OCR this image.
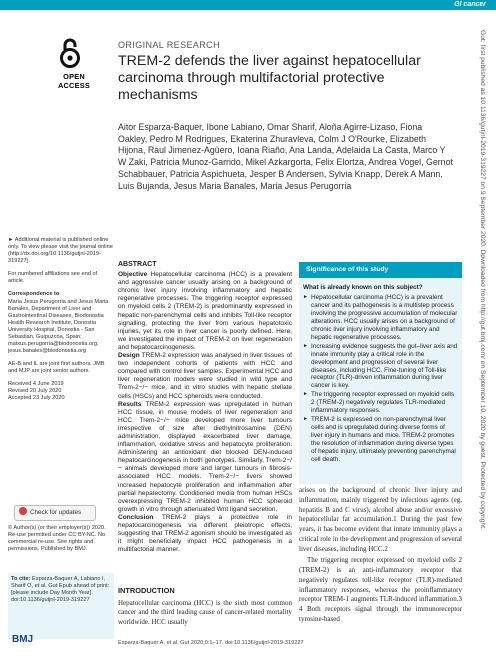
GI cancer
OPEN ACCESS
ORIGINAL RESEARCH
TREM-2 defends the liver against hepatocellular carcinoma through multifactorial protective mechanisms
Aitor Esparza-Baquer, Ibone Labiano, Omar Sharif, Aloña Agirre-Lizaso, Fiona Oakley, Pedro M Rodrigues, Ekaterina Zhuravleva, Colm J O'Rourke, Elizabeth Hijona, Raul Jimenez-Agüero, Ioana Riaño, Ana Landa, Adelaida La Casta, Marco Y W Zaki, Patricia Munoz-Garrido, Mikel Azkargorta, Felix Elortza, Andrea Vogel, Gernot Schabbauer, Patricia Aspichueta, Jesper B Andersen, Sylvia Knapp, Derek A Mann, Luis Bujanda, Jesus Maria Banales, Maria Jesus Perugorria	Gut: first published as 10.1136/gutjnl-2019-319227 on 9 September 2020. Downloaded from http://gut.bmj.com/ on September 10, 2020 by guest. Protected by copyright.

► Additional material is published online only. To view please visit the journal online (http://dx.doi.org/10.1136/gutjnl-2019-319227).

For numbered affiliations see end of article.

Correspondence to

Maria Jesus Perugorria and Jesus Maria Banales, Department of Liver and Gastrointestinal Diseases, Biodonostia Health Research Institute, Donostia University Hospital, Donostia - San Sebastian, Guipuzcoa, Spain; matxus.perugorria@biodonostia.org, jesus.banales@biodonostia.org

AE-B and IL are joint first authors. JMB and MJP are joint senior authors.

Received 4 June 2019
Revised 20 July 2020
Accepted 23 July 2020

Check for updates
© Author(s) (or their employer(s)) 2020. Re-use permitted under CC BY-NC. No commercial re-use. See rights and permissions. Published by BMJ.
To cite: Esparza-Baquer A, Labiano I, Sharif O, et al. Gut Epub ahead of print: [please include Day Month Year]. doi:10.1136/gutjnl-2019-319227
ABSTRACT
Objective Hepatocellular carcinoma (HCC) is a prevalent and aggressive cancer usually arising on a background of chronic liver injury involving inflammatory and hepatic regenerative processes. The triggering receptor expressed on myeloid cells 2 (TREM-2) is predominantly expressed in hepatic non-parenchymal cells and inhibits Toll-like receptor signalling, protecting the liver from various hepatotoxic injuries, yet its role in liver cancer is poorly defined. Here, we investigated the impact of TREM-2 on liver regeneration and hepatocarcinogenesis.
Design TREM-2 expression was analysed in liver tissues of two independent cohorts of patients with HCC and compared with control liver samples. Experimental HCC and liver regeneration models were studied in wild type and Trem-2−/− mice, and in vitro studies with hepatic stellate cells (HSCs) and HCC spheroids were conducted.
Results TREM-2 expression was upregulated in human HCC tissue, in mouse models of liver regeneration and HCC. Trem-2−/− mice developed more liver tumours irrespective of size after diethylnitrosamine (DEN) administration, displayed exacerbated liver damage, inflammation, oxidative stress and hepatocyte proliferation. Administering an antioxidant diet blocked DEN-induced hepatocarcinogenesis in both genotypes. Similarly, Trem-2−/− animals developed more and larger tumours in fibrosis-associated HCC models. Trem-2−/− livers showed increased hepatocyte proliferation and inflammation after partial hepatectomy. Conditioned media from human HSCs overexpressing TREM-2 inhibited human HCC spheroid growth in vitro through attenuated Wnt ligand secretion.
Conclusion TREM-2 plays a protective role in hepatocarcinogenesis via different pleiotropic effects, suggesting that TREM-2 agonism should be investigated as it might beneficially impact HCC pathogenesis in a multifactorial manner.
INTRODUCTION
Hepatocellular carcinoma (HCC) is the sixth most common cancer and the third leading cause of cancer-related mortality worldwide. HCC usually
Significance of this study
What is already known on this subject?
► Hepatocellular carcinoma (HCC) is a prevalent cancer and its pathogenesis is a multistep process involving the progressive accumulation of molecular alterations. HCC usually arises on a background of chronic liver injury involving inflammatory and hepatic regenerative processes.
► Increasing evidence suggests the gut–liver axis and innate immunity play a critical role in the development and progression of several liver diseases, including HCC. Fine-tuning of Toll-like receptor (TLR)-driven inflammation during liver cancer is key.
► The triggering receptor expressed on myeloid cells 2 (TREM-2) negatively regulates TLR-mediated inflammatory responses.
► TREM-2 is expressed on non-parenchymal liver cells and is upregulated during diverse forms of liver injury in humans and mice. TREM-2 promotes the resolution of inflammation during diverse types of hepatic injury, ultimately preventing parenchymal cell death.

arises on the background of chronic liver injury and inflammation, mainly triggered by infectious agents (eg, hepatitis B and C virus), alcohol abuse and/or excessive hepatocellular fat accumulation.1 During the past few years, it has become evident that innate immunity plays a critical role in the development and progression of several liver diseases, including HCC.2

The triggering receptor expressed on myeloid cells 2 (TREM-2) is an anti-inflammatory receptor that negatively regulates toll-like receptor (TLR)-mediated inflammatory responses, whereas the proinflammatory receptor TREM-1 augments TLR-induced inflammation.3 4 Both receptors signal through the immunoreceptor tyrosine-based

BMJ	Esparza-Baquer A, et al. Gut 2020;0:1–17. doi:10.1136/gutjnl-2019-319227
